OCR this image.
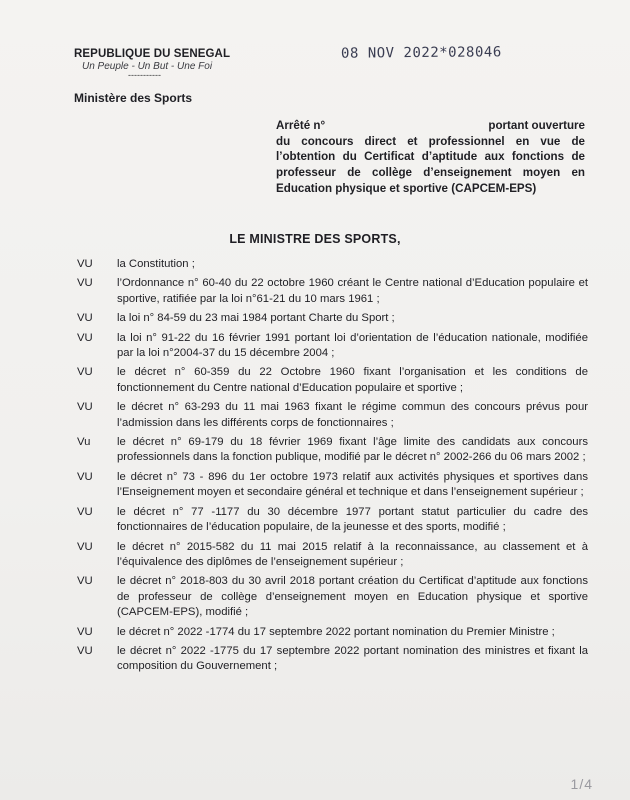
REPUBLIQUE DU SENEGAL
Un Peuple - Un But - Une Foi
-----------
Ministère des Sports
08 NOV 2022*028046
Arrêté n°	portant ouverture
du concours direct et professionnel en vue de l’obtention du Certificat d’aptitude aux fonctions de professeur de collège d’enseignement moyen en Education physique et sportive (CAPCEM-EPS)
LE MINISTRE DES SPORTS,
VU	la Constitution ;
VU	l’Ordonnance n° 60-40 du 22 octobre 1960 créant le Centre national d’Education populaire et sportive, ratifiée par la loi n°61-21 du 10 mars 1961 ;
VU	la loi n° 84-59 du 23 mai 1984 portant Charte du Sport ;
VU	la loi n° 91-22 du 16 février 1991 portant loi d’orientation de l’éducation nationale, modifiée par la loi n°2004-37 du 15 décembre 2004 ;
VU	le décret n° 60-359 du 22 Octobre 1960 fixant l’organisation et les conditions de fonctionnement du Centre national d’Education populaire et sportive ;
VU	le décret n° 63-293 du 11 mai 1963 fixant le régime commun des concours prévus pour l’admission dans les différents corps de fonctionnaires ;
Vu	le décret n° 69-179 du 18 février 1969 fixant l’âge limite des candidats aux concours professionnels dans la fonction publique, modifié par le décret n° 2002-266 du 06 mars 2002 ;
VU	le décret n° 73 - 896 du 1er octobre 1973 relatif aux activités physiques et sportives dans l’Enseignement moyen et secondaire général et technique et dans l’enseignement supérieur ;
VU	le décret n° 77 -1177 du 30 décembre 1977 portant statut particulier du cadre des fonctionnaires de l’éducation populaire, de la jeunesse et des sports, modifié ;
VU	le décret n° 2015-582 du 11 mai 2015 relatif à la reconnaissance, au classement et à l’équivalence des diplômes de l’enseignement supérieur ;
VU	le décret n° 2018-803 du 30 avril 2018 portant création du Certificat d’aptitude aux fonctions de professeur de collège d’enseignement moyen en Education physique et sportive (CAPCEM-EPS), modifié ;
VU	le décret n° 2022 -1774 du 17 septembre 2022 portant nomination du Premier Ministre ;
VU	le décret n° 2022 -1775 du 17 septembre 2022 portant nomination des ministres et fixant la composition du Gouvernement ;
1/4
